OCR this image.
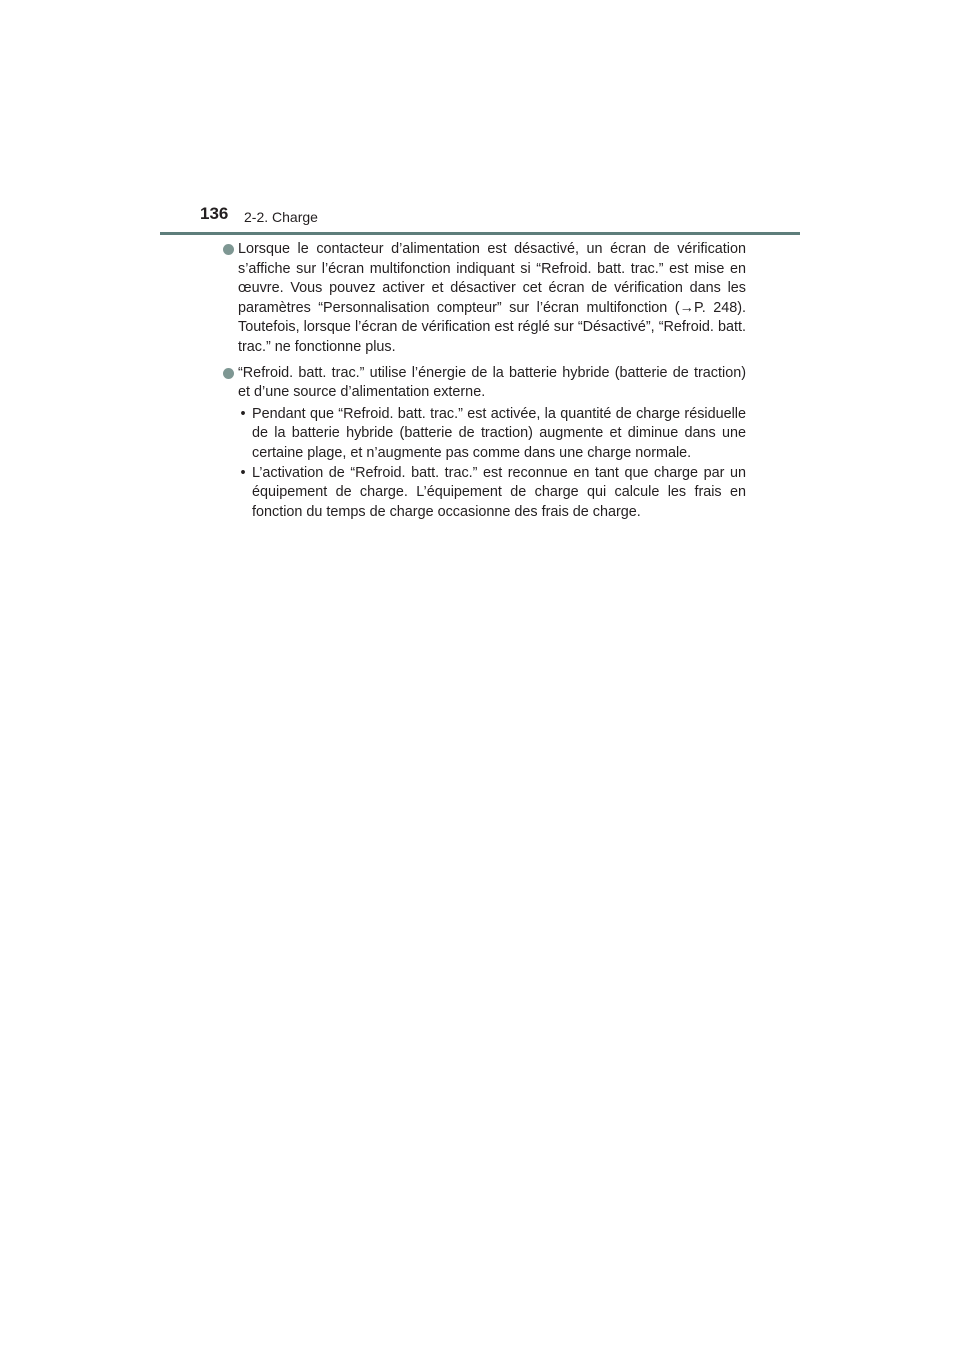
136 2-2. Charge
Lorsque le contacteur d’alimentation est désactivé, un écran de vérification s’affiche sur l’écran multifonction indiquant si “Refroid. batt. trac.” est mise en œuvre. Vous pouvez activer et désactiver cet écran de vérification dans les paramètres “Personnalisation compteur” sur l’écran multifonction (→P. 248). Toutefois, lorsque l’écran de vérification est réglé sur “Désactivé”, “Refroid. batt. trac.” ne fonctionne plus.
“Refroid. batt. trac.” utilise l’énergie de la batterie hybride (batterie de traction) et d’une source d’alimentation externe.
• Pendant que “Refroid. batt. trac.” est activée, la quantité de charge résiduelle de la batterie hybride (batterie de traction) augmente et diminue dans une certaine plage, et n’augmente pas comme dans une charge normale.
• L’activation de “Refroid. batt. trac.” est reconnue en tant que charge par un équipement de charge. L’équipement de charge qui calcule les frais en fonction du temps de charge occasionne des frais de charge.
